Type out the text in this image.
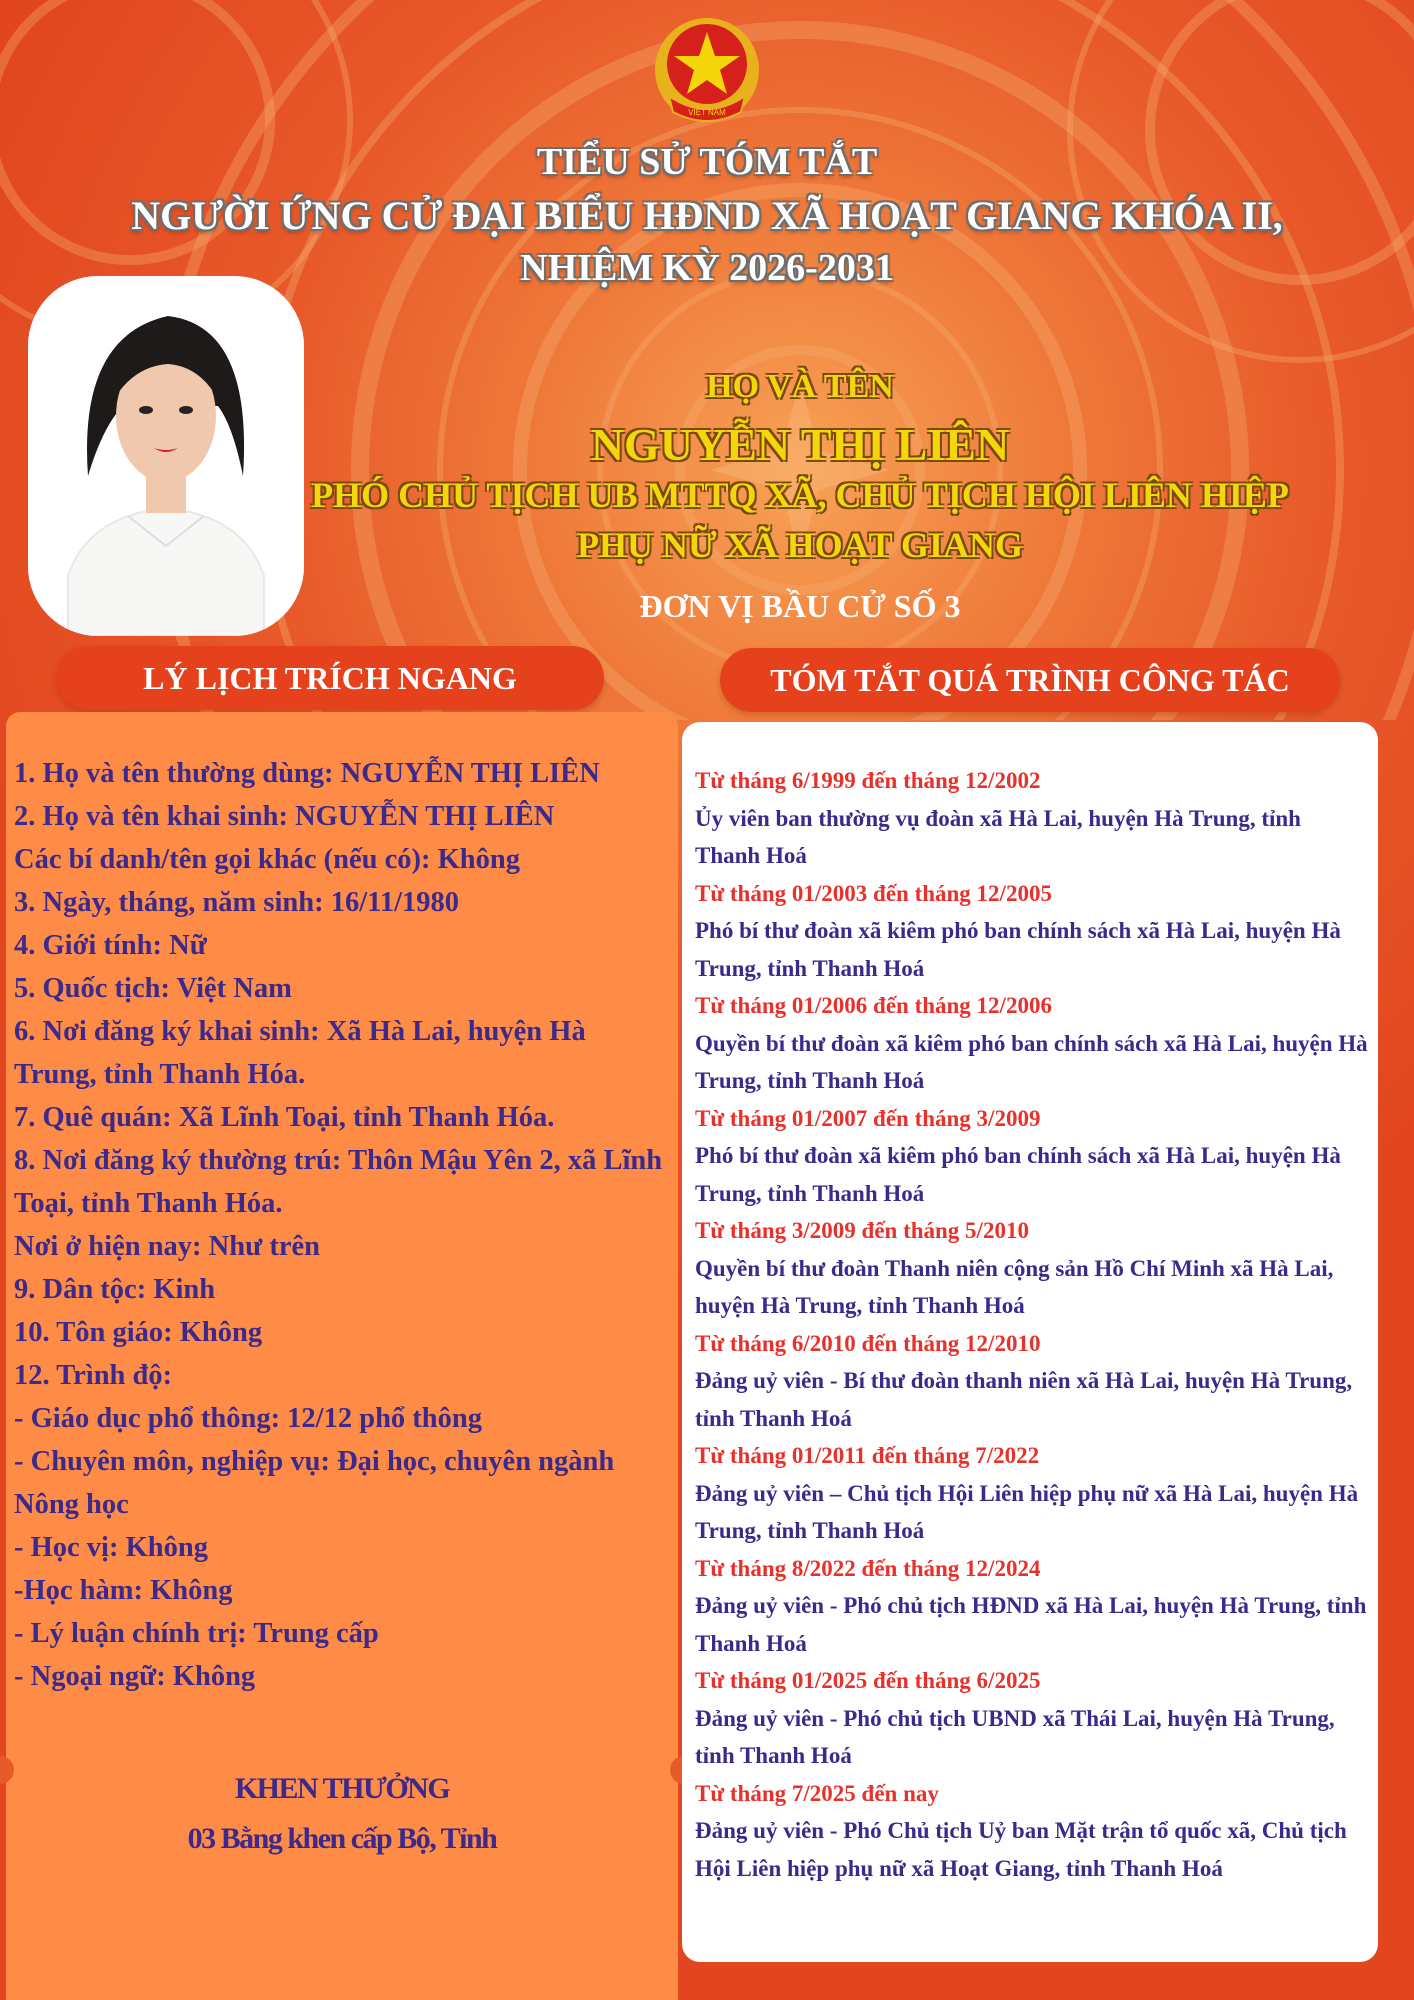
VIỆT NAM
TIỂU SỬ TÓM TẮT
NGƯỜI ỨNG CỬ ĐẠI BIỂU HĐND XÃ HOẠT GIANG KHÓA II,
NHIỆM KỲ 2026-2031
HỌ VÀ TÊN
NGUYỄN THỊ LIÊN
PHÓ CHỦ TỊCH UB MTTQ XÃ, CHỦ TỊCH HỘI LIÊN HIỆP
PHỤ NỮ XÃ HOẠT GIANG
ĐƠN VỊ BẦU CỬ SỐ 3
LÝ LỊCH TRÍCH NGANG	TÓM TẮT QUÁ TRÌNH CÔNG TÁC
1. Họ và tên thường dùng: NGUYỄN THỊ LIÊN
2. Họ và tên khai sinh: NGUYỄN THỊ LIÊN
Các bí danh/tên gọi khác (nếu có): Không
3. Ngày, tháng, năm sinh: 16/11/1980
4. Giới tính: Nữ
5. Quốc tịch: Việt Nam
6. Nơi đăng ký khai sinh: Xã Hà Lai, huyện Hà Trung, tỉnh Thanh Hóa.
7. Quê quán: Xã Lĩnh Toại, tỉnh Thanh Hóa.
8. Nơi đăng ký thường trú: Thôn Mậu Yên 2, xã Lĩnh Toại, tỉnh Thanh Hóa.
Nơi ở hiện nay: Như trên
9. Dân tộc: Kinh
10. Tôn giáo: Không
12. Trình độ:
- Giáo dục phổ thông: 12/12 phổ thông
- Chuyên môn, nghiệp vụ: Đại học, chuyên ngành Nông học
- Học vị: Không
-Học hàm: Không
- Lý luận chính trị: Trung cấp
- Ngoại ngữ: Không
KHEN THƯỞNG
03 Bằng khen cấp Bộ, Tỉnh
Từ tháng 6/1999 đến tháng 12/2002
Ủy viên ban thường vụ đoàn xã Hà Lai, huyện Hà Trung, tỉnh Thanh Hoá
Từ tháng 01/2003 đến tháng 12/2005
Phó bí thư đoàn xã kiêm phó ban chính sách xã Hà Lai, huyện Hà Trung, tỉnh Thanh Hoá
Từ tháng 01/2006 đến tháng 12/2006
Quyền bí thư đoàn xã kiêm phó ban chính sách xã Hà Lai, huyện Hà Trung, tỉnh Thanh Hoá
Từ tháng 01/2007 đến tháng 3/2009
Phó bí thư đoàn xã kiêm phó ban chính sách xã Hà Lai, huyện Hà Trung, tỉnh Thanh Hoá
Từ tháng 3/2009 đến tháng 5/2010
Quyền bí thư đoàn Thanh niên cộng sản Hồ Chí Minh xã Hà Lai, huyện Hà Trung, tỉnh Thanh Hoá
Từ tháng 6/2010 đến tháng 12/2010
Đảng uỷ viên - Bí thư đoàn thanh niên xã Hà Lai, huyện Hà Trung, tỉnh Thanh Hoá
Từ tháng 01/2011 đến tháng 7/2022
Đảng uỷ viên – Chủ tịch Hội Liên hiệp phụ nữ xã Hà Lai, huyện Hà Trung, tỉnh Thanh Hoá
Từ tháng 8/2022 đến tháng 12/2024
Đảng uỷ viên - Phó chủ tịch HĐND xã Hà Lai, huyện Hà Trung, tỉnh Thanh Hoá
Từ tháng 01/2025 đến tháng 6/2025
Đảng uỷ viên - Phó chủ tịch UBND xã Thái Lai, huyện Hà Trung, tỉnh Thanh Hoá
Từ tháng 7/2025 đến nay
Đảng uỷ viên - Phó Chủ tịch Uỷ ban Mặt trận tổ quốc xã, Chủ tịch Hội Liên hiệp phụ nữ xã Hoạt Giang, tỉnh Thanh Hoá
